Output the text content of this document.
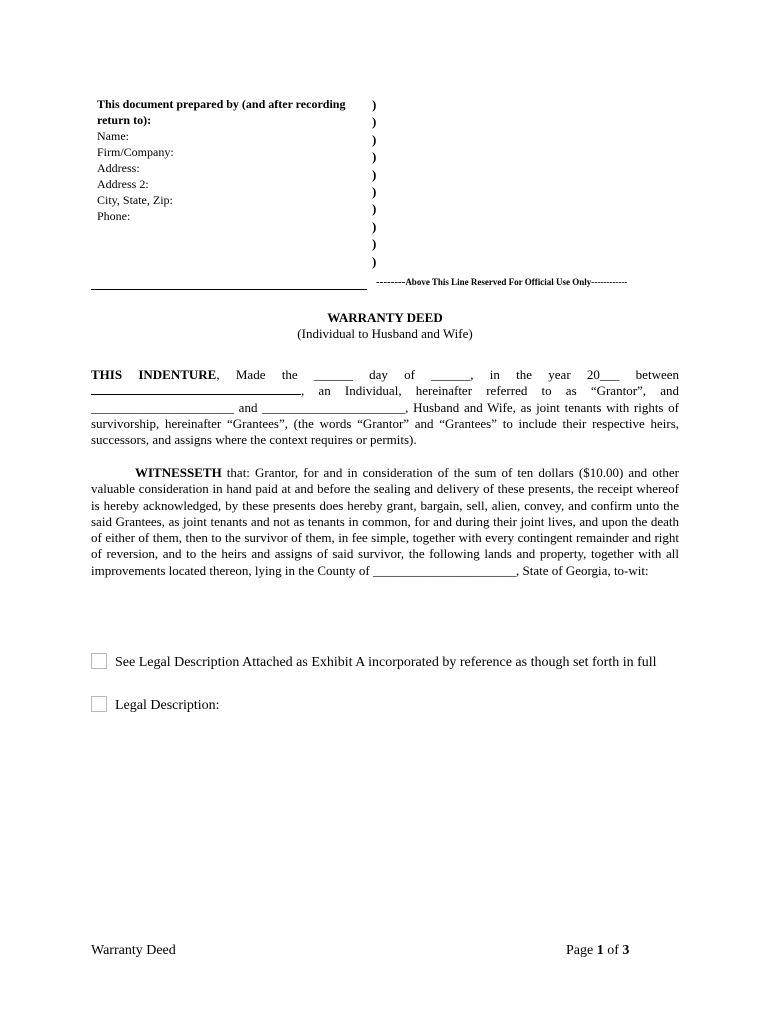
This document prepared by (and after recording return to):
Name:
Firm/Company:
Address:
Address 2:
City, State, Zip:
Phone:
)
)
)
)
)
)
)
)
)
)
--------Above This Line Reserved For Official Use Only------------
WARRANTY DEED
(Individual to Husband and Wife)
THIS INDENTURE, Made the ______ day of ______, in the year 20___ between , an Individual, hereinafter referred to as “Grantor”, and ______________________ and ______________________, Husband and Wife, as joint tenants with rights of survivorship, hereinafter “Grantees”, (the words “Grantor” and “Grantees” to include their respective heirs, successors, and assigns where the context requires or permits).
WITNESSETH that: Grantor, for and in consideration of the sum of ten dollars ($10.00) and other valuable consideration in hand paid at and before the sealing and delivery of these presents, the receipt whereof is hereby acknowledged, by these presents does hereby grant, bargain, sell, alien, convey, and confirm unto the said Grantees, as joint tenants and not as tenants in common, for and during their joint lives, and upon the death of either of them, then to the survivor of them, in fee simple, together with every contingent remainder and right of reversion, and to the heirs and assigns of said survivor, the following lands and property, together with all improvements located thereon, lying in the County of ______________________, State of Georgia, to-wit:
See Legal Description Attached as Exhibit A incorporated by reference as though set forth in full
Legal Description:
Warranty Deed	Page 1 of 3
